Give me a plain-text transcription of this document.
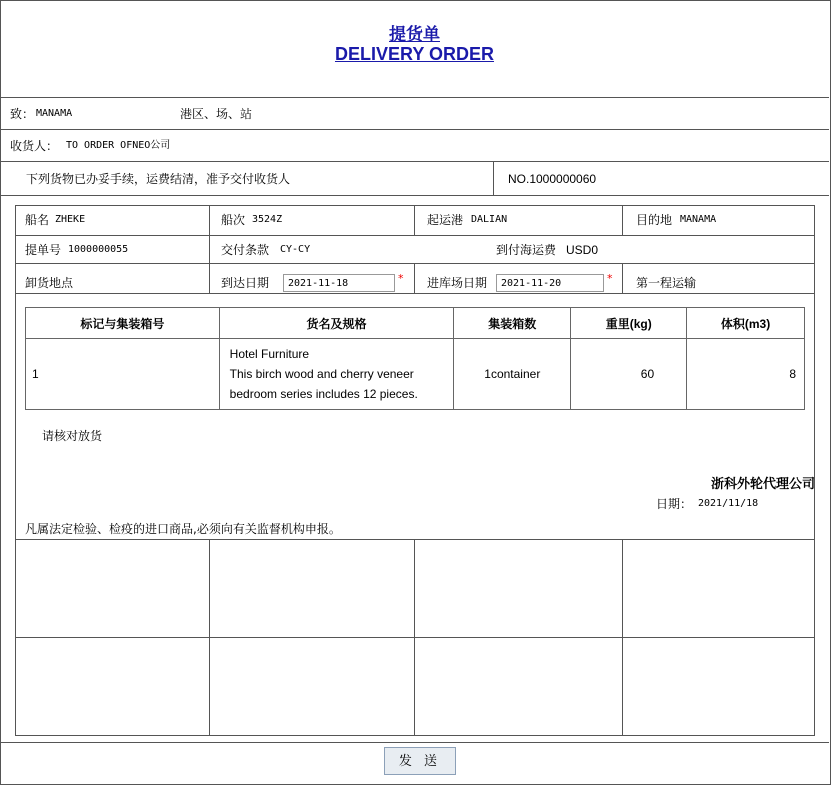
提货单
DELIVERY ORDER
致： MANAMA	港区、场、站
收货人： TO ORDER OFNEO公司
下列货物已办妥手续，运费结清，准予交付收货人	NO.1000000060
船名 ZHEKE	船次 3524Z	起运港 DALIAN	目的地 MANAMA
提单号 1000000055	交付条款 CY-CY	到付海运费 USD0
卸货地点	到达日期	2021-11-18	* 进库场日期	2021-11-20	* 第一程运输
标记与集装箱号	货名及规格	集装箱数	重里(kg)	体积(m3)
1	Hotel Furniture
This birch wood and cherry veneer
bedroom series includes 12 pieces.	1container	60	8
请核对放货
浙科外轮代理公司
日期： 2021/11/18
凡属法定检验、检疫的进口商品,必须向有关监督机构申报。
发 送
